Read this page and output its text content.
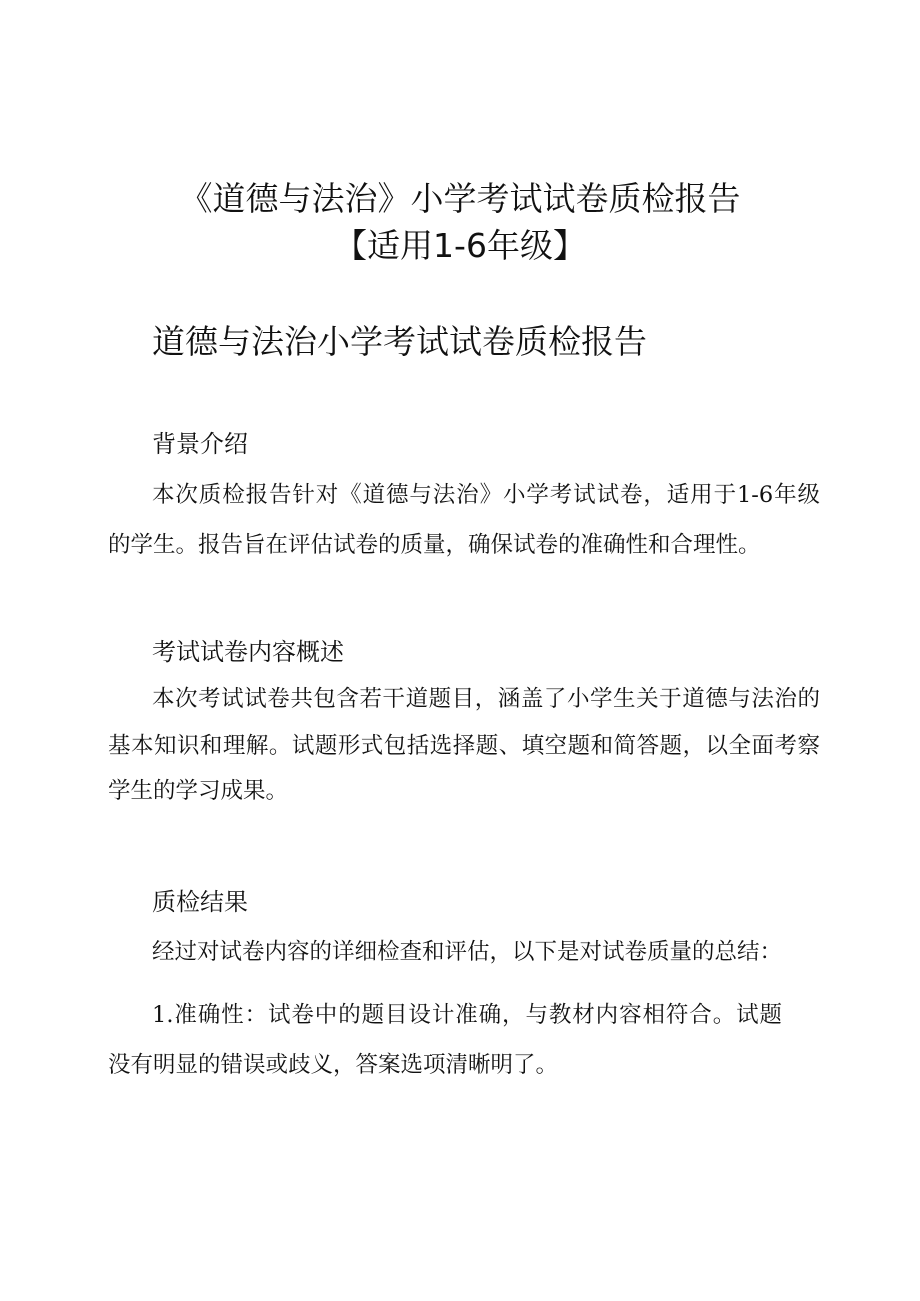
《道德与法治》小学考试试卷质检报告

【适用1-6年级】

道德与法治小学考试试卷质检报告

背景介绍

本次质检报告针对《道德与法治》小学考试试卷，适用于1-6年级

的学生。报告旨在评估试卷的质量，确保试卷的准确性和合理性。

考试试卷内容概述

本次考试试卷共包含若干道题目，涵盖了小学生关于道德与法治的

基本知识和理解。试题形式包括选择题、填空题和简答题，以全面考察

学生的学习成果。

质检结果

经过对试卷内容的详细检查和评估，以下是对试卷质量的总结：

1.准确性：试卷中的题目设计准确，与教材内容相符合。试题

没有明显的错误或歧义，答案选项清晰明了。
